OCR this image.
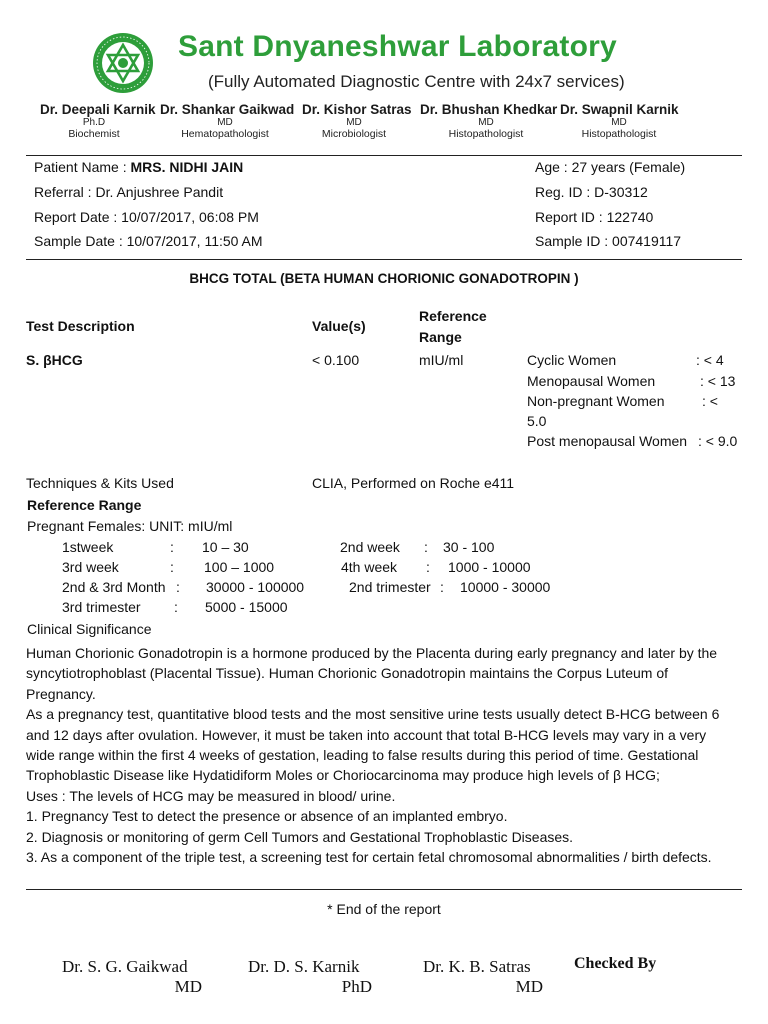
Sant Dnyaneshwar Laboratory
(Fully Automated Diagnostic Centre with 24x7 services)
Dr. Deepali Karnik
Ph.D
Biochemist
Dr. Shankar Gaikwad
MD
Hematopathologist
Dr. Kishor Satras
MD
Microbiologist
Dr. Bhushan Khedkar
MD
Histopathologist
Dr. Swapnil Karnik
MD
Histopathologist
Patient Name : MRS. NIDHI JAIN
Referral : Dr. Anjushree Pandit
Report Date : 10/07/2017, 06:08 PM
Sample Date : 10/07/2017, 11:50 AM
Age : 27 years (Female)
Reg. ID : D-30312
Report ID : 122740
Sample ID : 007419117
BHCG TOTAL (BETA HUMAN CHORIONIC GONADOTROPIN )
Test Description	Value(s)
Reference
Range
S. βHCG	< 0.100	mIU/ml	Cyclic Women	: < 4
Menopausal Women	: < 13
Non-pregnant Women	: <
5.0
Post menopausal Women : < 9.0
Techniques & Kits Used	CLIA, Performed on Roche e411
Reference Range
Pregnant Females: UNIT: mIU/ml
1stweek	: 10 – 30	2nd week : 30 - 100
3rd week	: 100 – 1000	4th week : 1000 - 10000
2nd & 3rd Month : 30000 - 100000	2nd trimester : 10000 - 30000
3rd trimester : 5000 - 15000
Clinical Significance
Human Chorionic Gonadotropin is a hormone produced by the Placenta during early pregnancy and later by the
syncytiotrophoblast (Placental Tissue). Human Chorionic Gonadotropin maintains the Corpus Luteum of
Pregnancy.
As a pregnancy test, quantitative blood tests and the most sensitive urine tests usually detect B-HCG between 6
and 12 days after ovulation. However, it must be taken into account that total B-HCG levels may vary in a very
wide range within the first 4 weeks of gestation, leading to false results during this period of time. Gestational
Trophoblastic Disease like Hydatidiform Moles or Choriocarcinoma may produce high levels of β HCG;
Uses : The levels of HCG may be measured in blood/ urine.
1. Pregnancy Test to detect the presence or absence of an implanted embryo.
2. Diagnosis or monitoring of germ Cell Tumors and Gestational Trophoblastic Diseases.
3. As a component of the triple test, a screening test for certain fetal chromosomal abnormalities / birth defects.
* End of the report
Dr. S. G. Gaikwad
MD
Dr. D. S. Karnik
PhD
Dr. K. B. Satras
MD
Checked By
